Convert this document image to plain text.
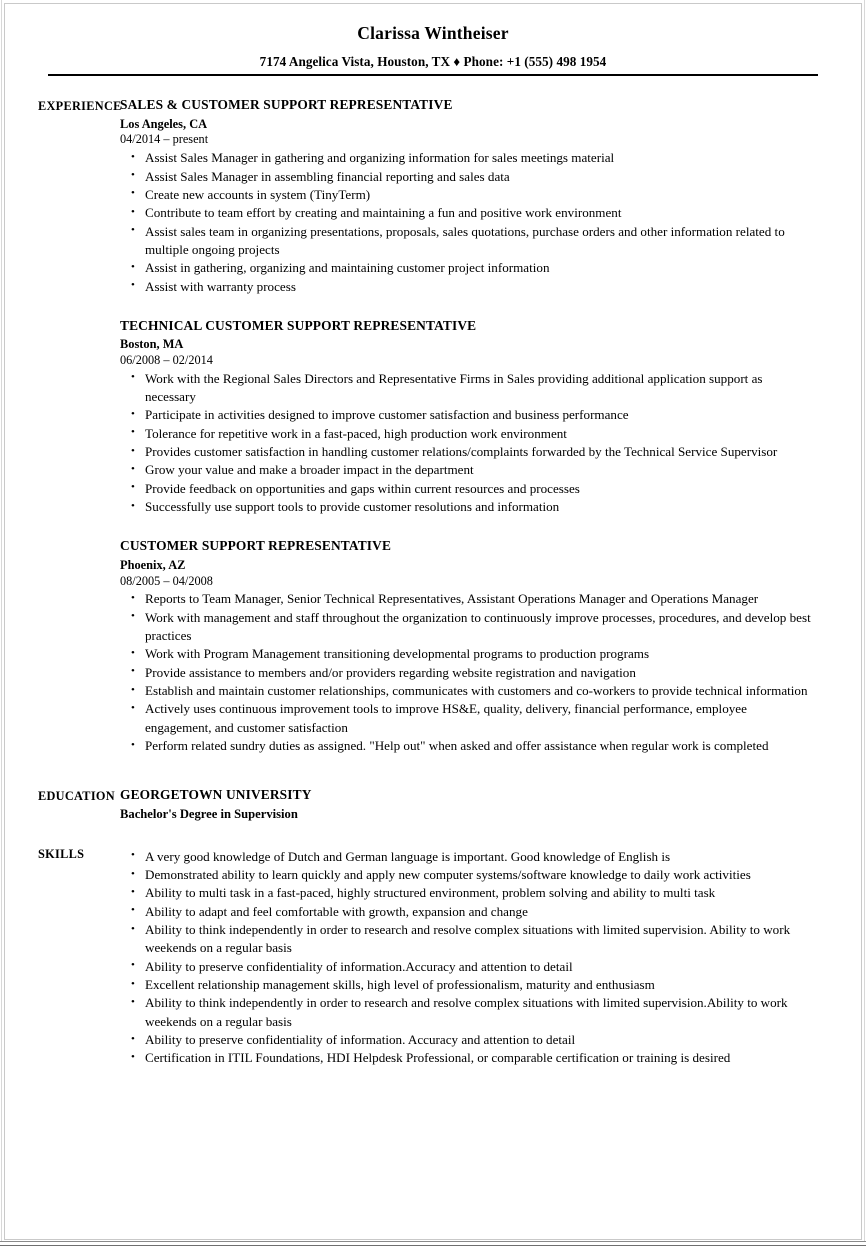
Clarissa Wintheiser
7174 Angelica Vista, Houston, TX ♦ Phone: +1 (555) 498 1954
EXPERIENCE
SALES & CUSTOMER SUPPORT REPRESENTATIVE
Los Angeles, CA
04/2014 – present
• Assist Sales Manager in gathering and organizing information for sales meetings material
• Assist Sales Manager in assembling financial reporting and sales data
• Create new accounts in system (TinyTerm)
• Contribute to team effort by creating and maintaining a fun and positive work environment
• Assist sales team in organizing presentations, proposals, sales quotations, purchase orders and other information related to multiple ongoing projects
• Assist in gathering, organizing and maintaining customer project information
• Assist with warranty process
TECHNICAL CUSTOMER SUPPORT REPRESENTATIVE
Boston, MA
06/2008 – 02/2014
• Work with the Regional Sales Directors and Representative Firms in Sales providing additional application support as necessary
• Participate in activities designed to improve customer satisfaction and business performance
• Tolerance for repetitive work in a fast-paced, high production work environment
• Provides customer satisfaction in handling customer relations/complaints forwarded by the Technical Service Supervisor
• Grow your value and make a broader impact in the department
• Provide feedback on opportunities and gaps within current resources and processes
• Successfully use support tools to provide customer resolutions and information
CUSTOMER SUPPORT REPRESENTATIVE
Phoenix, AZ
08/2005 – 04/2008
• Reports to Team Manager, Senior Technical Representatives, Assistant Operations Manager and Operations Manager
• Work with management and staff throughout the organization to continuously improve processes, procedures, and develop best practices
• Work with Program Management transitioning developmental programs to production programs
• Provide assistance to members and/or providers regarding website registration and navigation
• Establish and maintain customer relationships, communicates with customers and co-workers to provide technical information
• Actively uses continuous improvement tools to improve HS&E, quality, delivery, financial performance, employee engagement, and customer satisfaction
• Perform related sundry duties as assigned. "Help out" when asked and offer assistance when regular work is completed
EDUCATION GEORGETOWN UNIVERSITY
Bachelor's Degree in Supervision
SKILLS	• A very good knowledge of Dutch and German language is important. Good knowledge of English is
• Demonstrated ability to learn quickly and apply new computer systems/software knowledge to daily work activities
• Ability to multi task in a fast-paced, highly structured environment, problem solving and ability to multi task
• Ability to adapt and feel comfortable with growth, expansion and change
• Ability to think independently in order to research and resolve complex situations with limited supervision. Ability to work weekends on a regular basis
• Ability to preserve confidentiality of information.Accuracy and attention to detail
• Excellent relationship management skills, high level of professionalism, maturity and enthusiasm
• Ability to think independently in order to research and resolve complex situations with limited supervision.Ability to work weekends on a regular basis
• Ability to preserve confidentiality of information. Accuracy and attention to detail
• Certification in ITIL Foundations, HDI Helpdesk Professional, or comparable certification or training is desired
